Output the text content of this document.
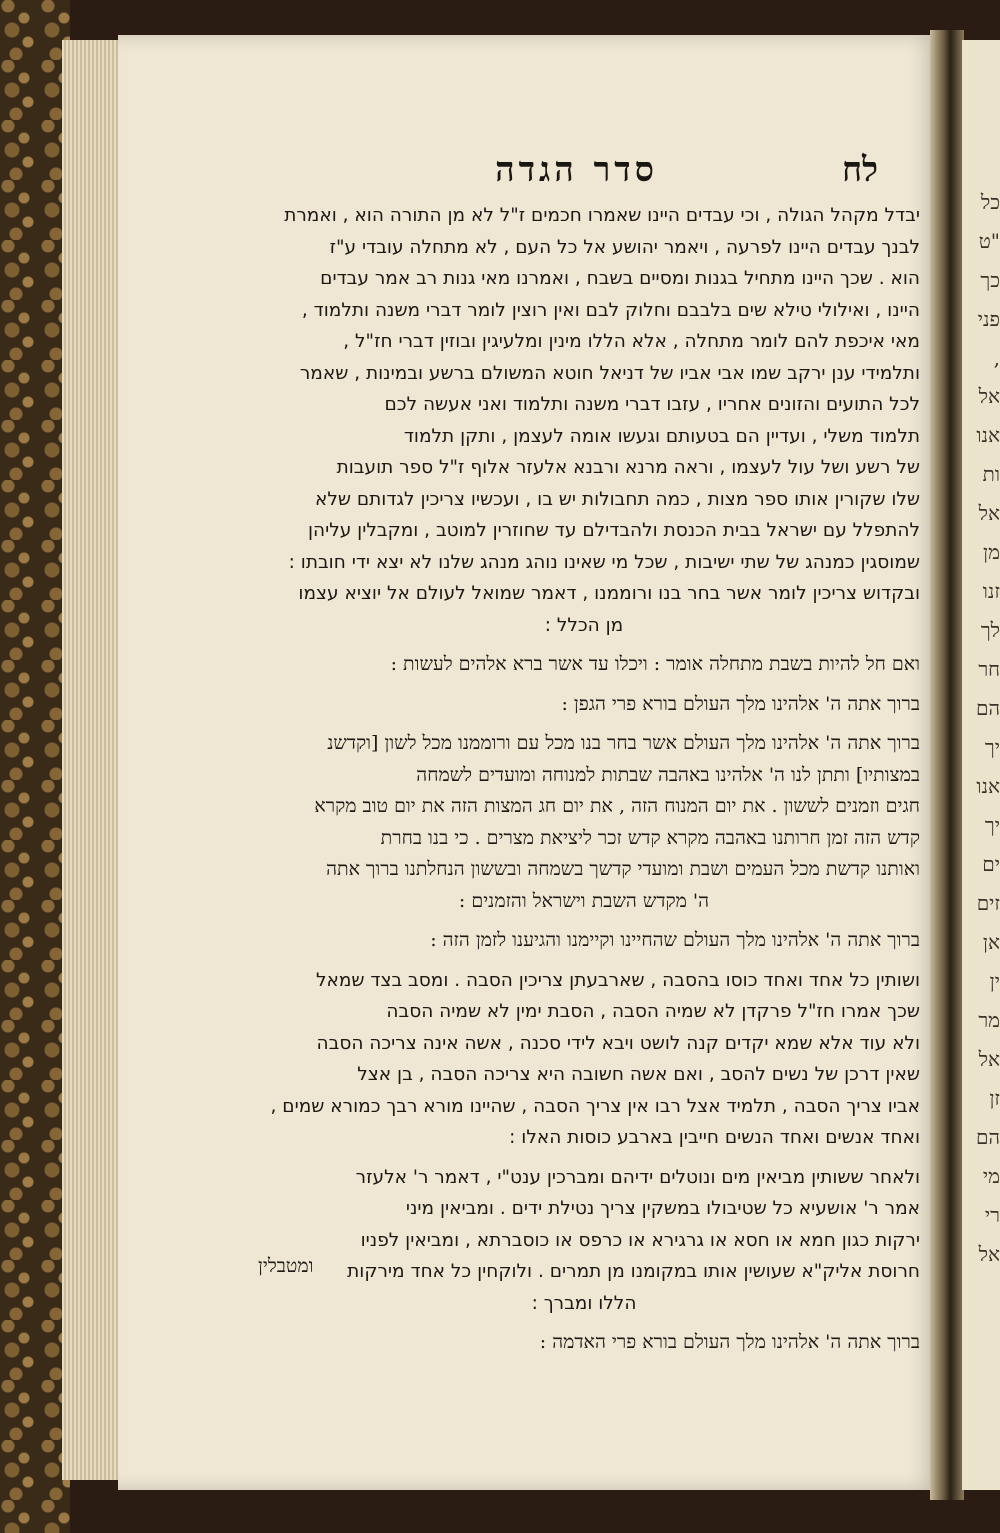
כל
"ט
כך
פני
,
אל
אנו
ות
אל
מן
זנו
לך
חר
הם
יך
אנו
יך
ים
זים
אן
ין
מר
אל
זן
הם
מי
רי
אל
לח
סדר הגדה

יבדל מקהל הגולה , וכי עבדים היינו שאמרו חכמים ז"ל לא מן התורה הוא , ואמרת

לבנך עבדים היינו לפרעה , ויאמר יהושע אל כל העם , לא מתחלה עובדי ע"ז

הוא . שכך היינו מתחיל בגנות ומסיים בשבח , ואמרנו מאי גנות רב אמר עבדים

היינו , ואילולי טילא שים בלבבם וחלוק לבם ואין רוצין לומר דברי משנה ותלמוד ,

מאי איכפת להם לומר מתחלה , אלא הללו מינין ומלעיגין ובוזין דברי חז"ל ,

ותלמידי ענן ירקב שמו אבי אביו של דניאל חוטא המשולם ברשע ובמינות , שאמר

לכל התועים והזונים אחריו , עזבו דברי משנה ותלמוד ואני אעשה לכם

תלמוד משלי , ועדיין הם בטעותם וגעשו אומה לעצמן , ותקן תלמוד

של רשע ושל עול לעצמו , וראה מרנא ורבנא אלעזר אלוף ז"ל ספר תועבות

שלו שקורין אותו ספר מצות , כמה תחבולות יש בו , ועכשיו צריכין לגדותם שלא

להתפלל עם ישראל בבית הכנסת ולהבדילם עד שחוזרין למוטב , ומקבלין עליהן

שמוסגין כמנהג של שתי ישיבות , שכל מי שאינו נוהג מנהג שלנו לא יצא ידי חובתו :

ובקדוש צריכין לומר אשר בחר בנו ורוממנו , דאמר שמואל לעולם אל יוציא עצמו

מן הכלל :

ואם חל להיות בשבת מתחלה אומר : ויכלו עד אשר ברא אלהים לעשות :

ברוך אתה ה' אלהינו מלך העולם בורא פרי הגפן :

ברוך אתה ה' אלהינו מלך העולם אשר בחר בנו מכל עם ורוממנו מכל לשון [וקדשנ

במצותיו] ותתן לנו ה' אלהינו באהבה שבתות למנוחה ומועדים לשמחה

חגים וזמנים לששון . את יום המנוח הזה , את יום חג המצות הזה את יום טוב מקרא

קדש הזה זמן חרותנו באהבה מקרא קדש זכר ליציאת מצרים . כי בנו בחרת

ואותנו קדשת מכל העמים ושבת ומועדי קדשך בשמחה ובששון הנחלתנו ברוך אתה

ה' מקדש השבת וישראל והזמנים :

ברוך אתה ה' אלהינו מלך העולם שהחיינו וקיימנו והגיענו לזמן הזה :

ושותין כל אחד ואחד כוסו בהסבה , שארבעתן צריכין הסבה . ומסב בצד שמאל

שכך אמרו חז"ל פרקדן לא שמיה הסבה , הסבת ימין לא שמיה הסבה

ולא עוד אלא שמא יקדים קנה לושט ויבא לידי סכנה , אשה אינה צריכה הסבה

שאין דרכן של נשים להסב , ואם אשה חשובה היא צריכה הסבה , בן אצל

אביו צריך הסבה , תלמיד אצל רבו אין צריך הסבה , שהיינו מורא רבך כמורא שמים ,

ואחד אנשים ואחד הנשים חייבין בארבע כוסות האלו :

ולאחר ששותין מביאין מים ונוטלים ידיהם ומברכין ענט"י , דאמר ר' אלעזר

אמר ר' אושעיא כל שטיבולו במשקין צריך נטילת ידים . ומביאין מיני

ירקות כגון חמא או חסא או גרגירא או כרפס או כוסברתא , ומביאין לפניו

חרוסת אליק"א שעושין אותו במקומנו מן תמרים . ולוקחין כל אחד מירקות

הללו ומברך :

ברוך אתה ה' אלהינו מלך העולם בורא פרי האדמה :

ומטבלין
